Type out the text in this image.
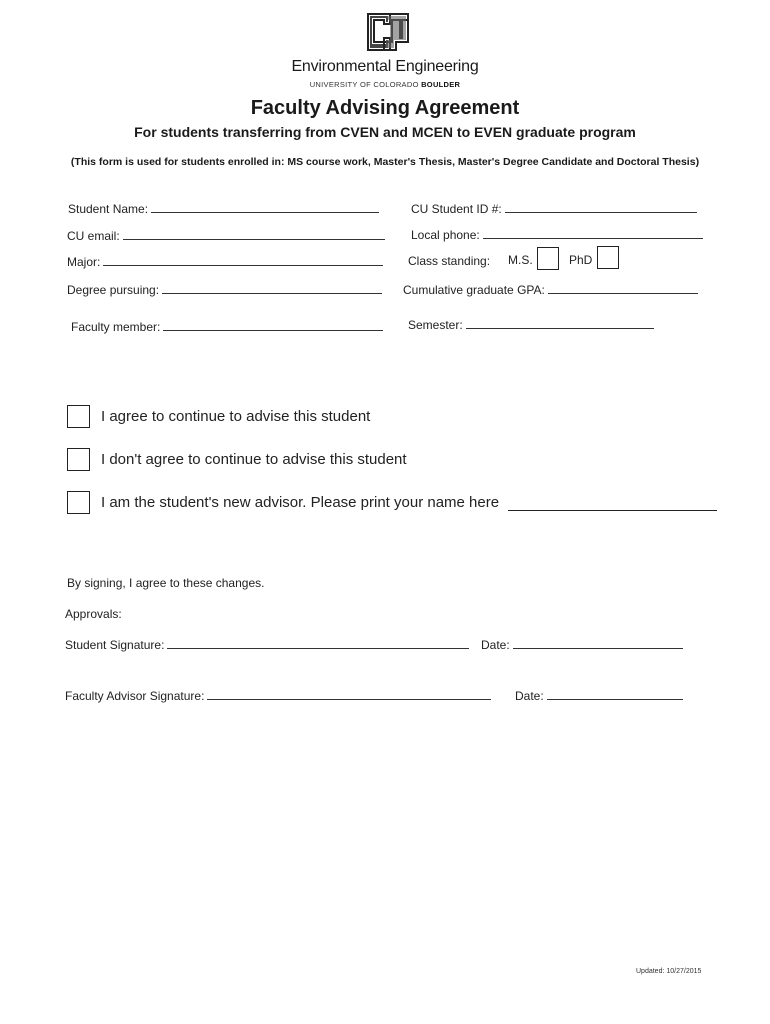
Environmental Engineering
UNIVERSITY OF COLORADO BOULDER
Faculty Advising Agreement
For students transferring from CVEN and MCEN to EVEN graduate program
(This form is used for students enrolled in: MS course work, Master's Thesis, Master's Degree Candidate and Doctoral Thesis)
Student Name:	CU Student ID #:
CU email:	Local phone:
Major:	Class standing: M.S.	PhD
Degree pursuing:	Cumulative graduate GPA:
Faculty member:	Semester:
I agree to continue to advise this student
I don't agree to continue to advise this student
I am the student's new advisor. Please print your name here
By signing, I agree to these changes.
Approvals:
Student Signature:	Date:
Faculty Advisor Signature:	Date:
Updated: 10/27/2015
